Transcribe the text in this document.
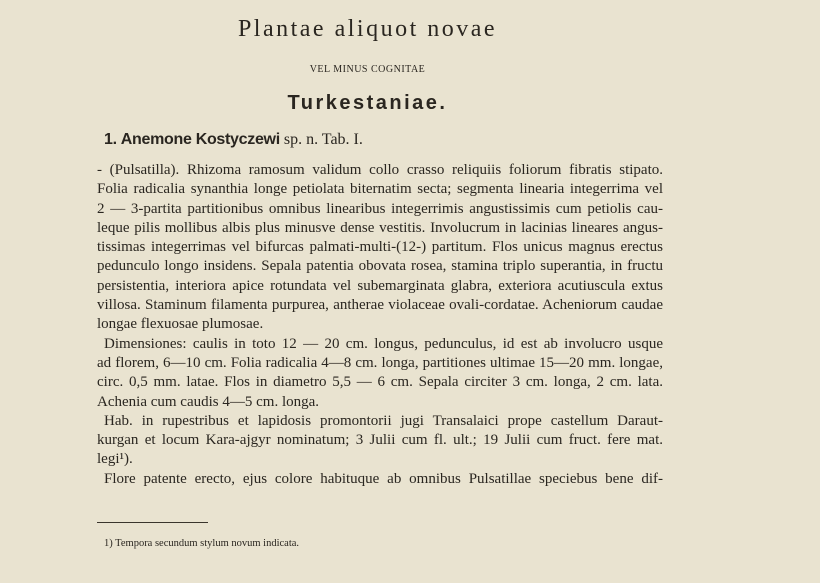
Plantae aliquot novae
VEL MINUS COGNITAE
Turkestaniae.
1. Anemone Kostyczewi sp. n. Tab. I.
- (Pulsatilla). Rhizoma ramosum validum collo crasso reliquiis foliorum fibratis stipato.
Folia radicalia synanthia longe petiolata biternatim secta; segmenta linearia integerrima vel
2 — 3-partita partitionibus omnibus linearibus integerrimis angustissimis cum petiolis cau-
leque pilis mollibus albis plus minusve dense vestitis. Involucrum in lacinias lineares angus-
tissimas integerrimas vel bifurcas palmati-multi-(12-) partitum. Flos unicus magnus erectus
pedunculo longo insidens. Sepala patentia obovata rosea, stamina triplo superantia, in fructu
persistentia, interiora apice rotundata vel subemarginata glabra, exteriora acutiuscula extus
villosa. Staminum filamenta purpurea, antherae violaceae ovali-cordatae. Acheniorum caudae
longae flexuosae plumosae.
Dimensiones: caulis in toto 12 — 20 cm. longus, pedunculus, id est ab involucro usque
ad florem, 6—10 cm. Folia radicalia 4—8 cm. longa, partitiones ultimae 15—20 mm. longae,
circ. 0,5 mm. latae. Flos in diametro 5,5 — 6 cm. Sepala circiter 3 cm. longa, 2 cm. lata.
Achenia cum caudis 4—5 cm. longa.
Hab. in rupestribus et lapidosis promontorii jugi Transalaici prope castellum Daraut-
kurgan et locum Kara-ajgyr nominatum; 3 Julii cum fl. ult.; 19 Julii cum fruct. fere mat.
legi¹).
Flore patente erecto, ejus colore habituque ab omnibus Pulsatillae speciebus bene dif-
1) Tempora secundum stylum novum indicata.
